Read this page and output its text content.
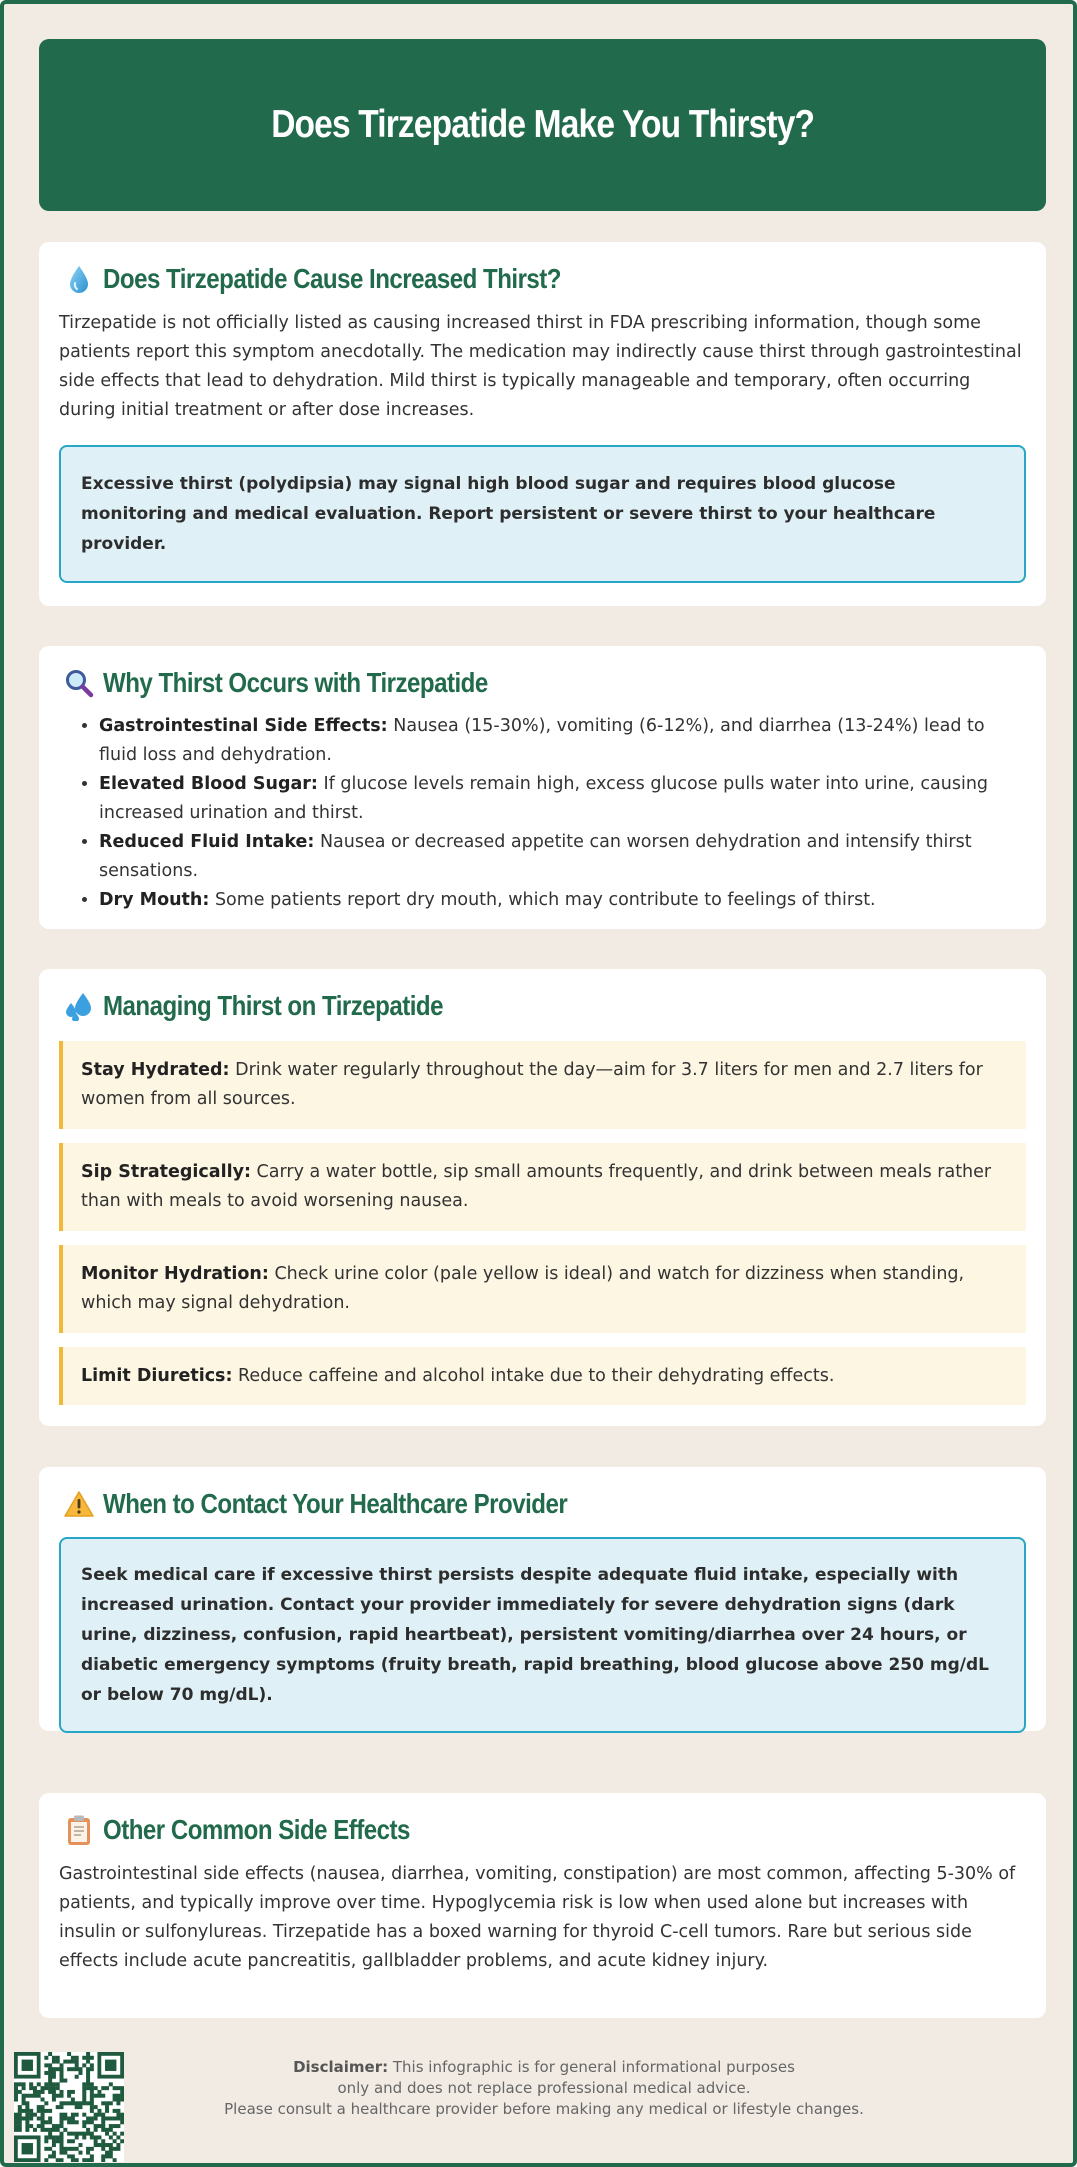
Does Tirzepatide Make You Thirsty?
Does Tirzepatide Cause Increased Thirst?

Tirzepatide is not officially listed as causing increased thirst in FDA prescribing information, though some patients report this symptom anecdotally. The medication may indirectly cause thirst through gastrointestinal side effects that lead to dehydration. Mild thirst is typically manageable and temporary, often occurring during initial treatment or after dose increases.

Excessive thirst (polydipsia) may signal high blood sugar and requires blood glucose monitoring and medical evaluation. Report persistent or severe thirst to your healthcare provider.
Why Thirst Occurs with Tirzepatide
• Gastrointestinal Side Effects: Nausea (15-30%), vomiting (6-12%), and diarrhea (13-24%) lead to fluid loss and dehydration.
• Elevated Blood Sugar: If glucose levels remain high, excess glucose pulls water into urine, causing increased urination and thirst.
• Reduced Fluid Intake: Nausea or decreased appetite can worsen dehydration and intensify thirst sensations.
• Dry Mouth: Some patients report dry mouth, which may contribute to feelings of thirst.
Managing Thirst on Tirzepatide
Stay Hydrated: Drink water regularly throughout the day—aim for 3.7 liters for men and 2.7 liters for women from all sources.
Sip Strategically: Carry a water bottle, sip small amounts frequently, and drink between meals rather than with meals to avoid worsening nausea.
Monitor Hydration: Check urine color (pale yellow is ideal) and watch for dizziness when standing, which may signal dehydration.
Limit Diuretics: Reduce caffeine and alcohol intake due to their dehydrating effects.
When to Contact Your Healthcare Provider
Seek medical care if excessive thirst persists despite adequate fluid intake, especially with increased urination. Contact your provider immediately for severe dehydration signs (dark urine, dizziness, confusion, rapid heartbeat), persistent vomiting/diarrhea over 24 hours, or diabetic emergency symptoms (fruity breath, rapid breathing, blood glucose above 250 mg/dL or below 70 mg/dL).
Other Common Side Effects

Gastrointestinal side effects (nausea, diarrhea, vomiting, constipation) are most common, affecting 5-30% of patients, and typically improve over time. Hypoglycemia risk is low when used alone but increases with insulin or sulfonylureas. Tirzepatide has a boxed warning for thyroid C-cell tumors. Rare but serious side effects include acute pancreatitis, gallbladder problems, and acute kidney injury.

Disclaimer: This infographic is for general informational purposes
only and does not replace professional medical advice.
Please consult a healthcare provider before making any medical or lifestyle changes.
